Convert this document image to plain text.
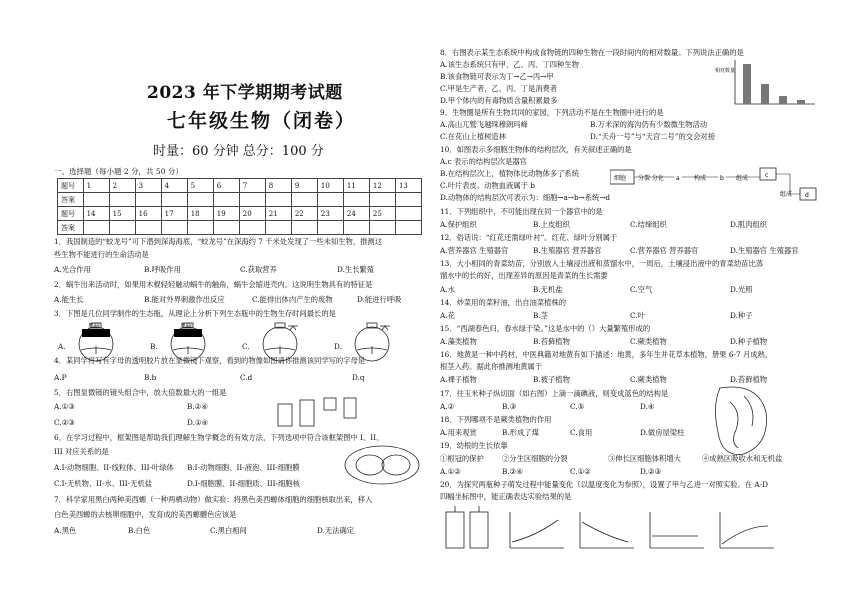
2023 年下学期期考试题
七年级生物（闭卷）
时量：60 分钟 总分：100 分
一、选择题（每小题 2 分，共 50 分）
题号	1	2	3	4	5	6	7	8	9	10	11	12	13
答案													
题号	14	15	16	17	18	19	20	21	22	23	24	25	
答案													
1．我国制造的“蛟龙号”可下潜到深海海底，“蛟龙号”在深海约 7 千米处发现了一些未知生物，推测这
些生物不能进行的生命活动是
A.光合作用	B.呼吸作用	C.获取营养	D.生长繁殖
2．蜗牛出来活动时，如果用木棍轻轻触动蜗牛的触角，蜗牛会缩进壳内。这说明生物具有的特征是
A.能生长	B.能对外界刺激作出反应	C.能排出体内产生的废物	D.能进行呼吸
3．下图是几位同学制作的生态瓶，从理论上分析下列生态瓶中的生物生存时间最长的是
A.	B.	C.	D.
黑暗	黑暗
4．某同学将写有字母的透明胶片放在显微镜下观察，看到的物像如图请你推测该同学写的字母是
A.P	B.b	C.d	D.q
5．右图显微镜的镜头组合中，放大倍数最大的一组是
A.①③	B.②④
C.②③	D.①④
6．在学习过程中，框架图是帮助我们理解生物学概念的有效方法，下列选项中符合该框架图中 I、II、
III 对应关系的是
A.I-动物细胞、II-线粒体、III-叶绿体 B.I-动物细胞、II-液泡、III-细胞膜
C.I-无机物、II-水、III-无机盐	D.I-细胞膜、II-细胞质、III-细胞核
7．科学家用黑白两种美西螈（一种两栖动物）做实验：将黑色美西螈体细胞的细胞核取出来，移入
白色美西螈的去核卵细胞中，发育成的美西螈體色应该是
A.黑色	B.白色	C.黑白相间	D.无法确定
8．右图表示某生态系统中构成食物链的四种生物在一段时间内的相对数量。下列说法正确的是
A.该生态系统只有甲、乙、丙、丁四种生物
B.该食物链可表示为丁→乙→丙→甲
C.甲是生产者，乙、丙、丁是消费者
D.甲个体内的有毒物质含量积累最多
相对数量
9．生物圈是所有生物共同的家园，下列活动不是在生物圈中进行的是
A.高山兀鹫飞越珠穆朗玛峰	B.万米深的海沟仍有少数微生物活动
C.在花山上植树造林	D.“天舟一号”与“天宫二号”的交会对接
10．如图表示多细胞生物体的结构层次，有关叙述正确的是
A.c 表示的结构层次是器官
B.在结构层次上，植物体比动物体多了系统
C.叶片表皮、动物血液属于 b
D.动物体的结构层次可表示为：细胞→a→b→系统→d
细胞 分裂 分化 a 构成 b 组成	c
组成 d
11．下列组织中，不可能出现在同一个器官中的是
A.保护组织	B.上皮组织	C.结缔组织	D.肌肉组织
12．俗话说：“红花还需绿叶衬”。红花、绿叶分别属于
A.营养器官 生殖器官	B.生殖器官 营养器官	C.营养器官 营养器官	D.生殖器官 生殖器官
13．大小相同的青菜幼苗，分别放入土壤浸出液和蒸馏水中，一周后，土壤浸出液中的青菜幼苗比蒸
馏水中的长的好，出现差异的原因是青菜的生长需要
A.水	B.无机盐	C.空气	D.光照
14．炒菜用的菜籽油，出自油菜植株的
A.花	B.茎	C.叶	D.种子
15．“西湖春色归，春水绿于染。”这是水中的（）大量繁殖形成的
A.藻类植物	B.苔藓植物	C.蕨类植物	D.种子植物
16．地黄是一种中药材，中医典籍对地黄有如下描述：地黄，多年生并花草本植物，册果 6-7 月成熟，
根茎入药。据此你推测地黄属于
A.裸子植物	B.被子植物	C.蕨类植物	D.苔藓植物
17．往玉米种子纵切面（如右图）上滴一滴碘液，则变成蓝色的结构是
A.②	B.③	C.⑤	D.④
18．下列哪项不是蕨类植物的作用
A.用来观赏	B.形成了煤	C.食用	D.做房屋梁柱
19．幼根的生长依靠
①根冠的保护 ②分生区细胞的分裂	③伸长区细胞体积增大	④成熟区吸收水和无机盐
A.①②	B.②④	C.①②	D.②③
20．为探究两瓶种子萌发过程中能量变化（以温度变化为参照），设置了甲与乙进一对照实验。在 A-D
四幅坐标图中，能正确表达实验结果的是
